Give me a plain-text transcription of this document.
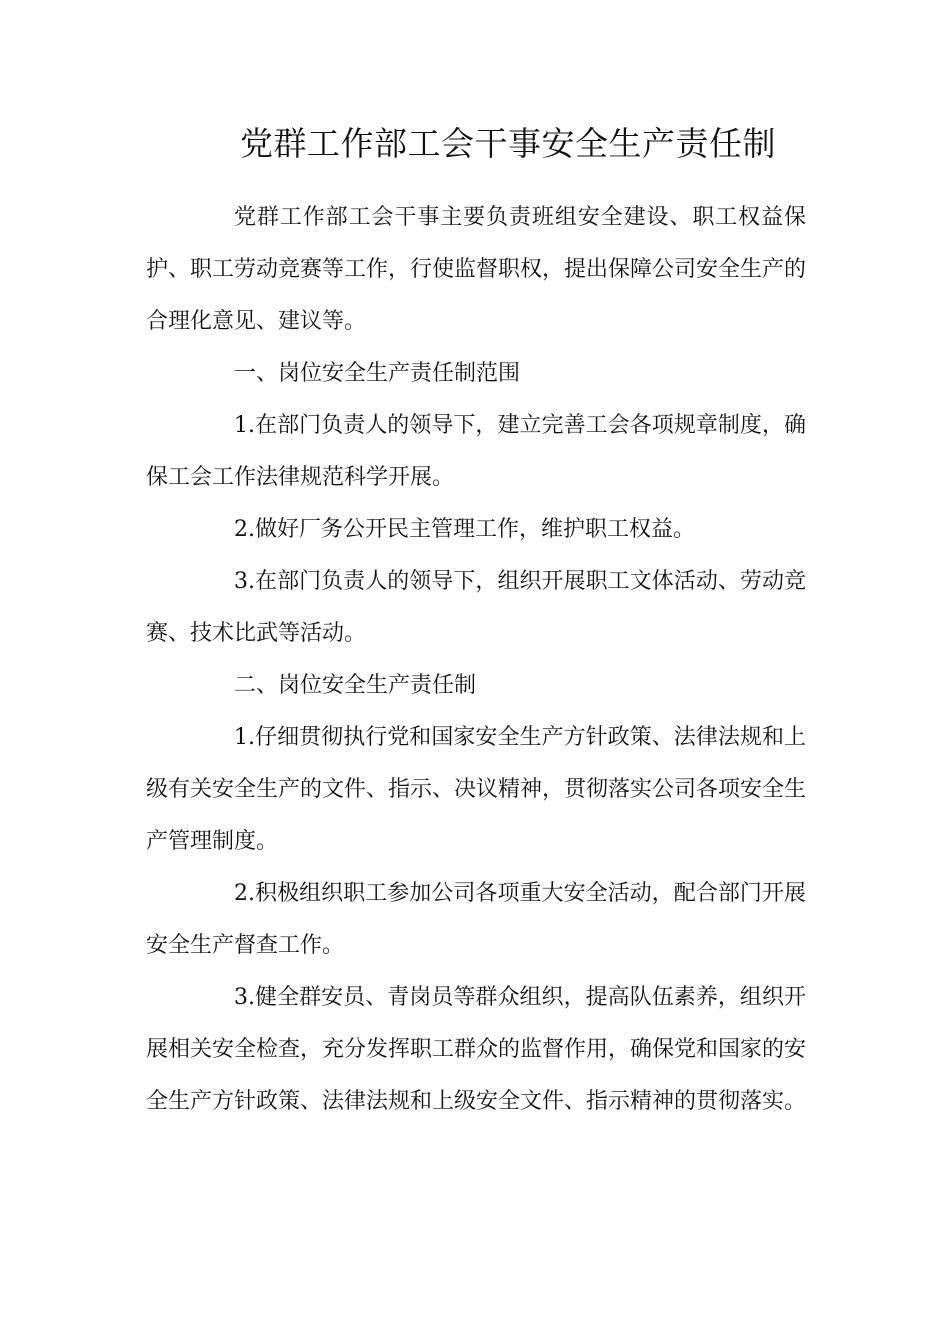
党群工作部工会干事安全生产责任制

党群工作部工会干事主要负责班组安全建设、职工权益保护、职工劳动竞赛等工作，行使监督职权，提出保障公司安全生产的合理化意见、建议等。

一、岗位安全生产责任制范围

1.在部门负责人的领导下，建立完善工会各项规章制度，确保工会工作法律规范科学开展。

2.做好厂务公开民主管理工作，维护职工权益。

3.在部门负责人的领导下，组织开展职工文体活动、劳动竞赛、技术比武等活动。

二、岗位安全生产责任制

1.仔细贯彻执行党和国家安全生产方针政策、法律法规和上级有关安全生产的文件、指示、决议精神，贯彻落实公司各项安全生产管理制度。

2.积极组织职工参加公司各项重大安全活动，配合部门开展安全生产督查工作。

3.健全群安员、青岗员等群众组织，提高队伍素养，组织开展相关安全检查，充分发挥职工群众的监督作用，确保党和国家的安全生产方针政策、法律法规和上级安全文件、指示精神的贯彻落实。
